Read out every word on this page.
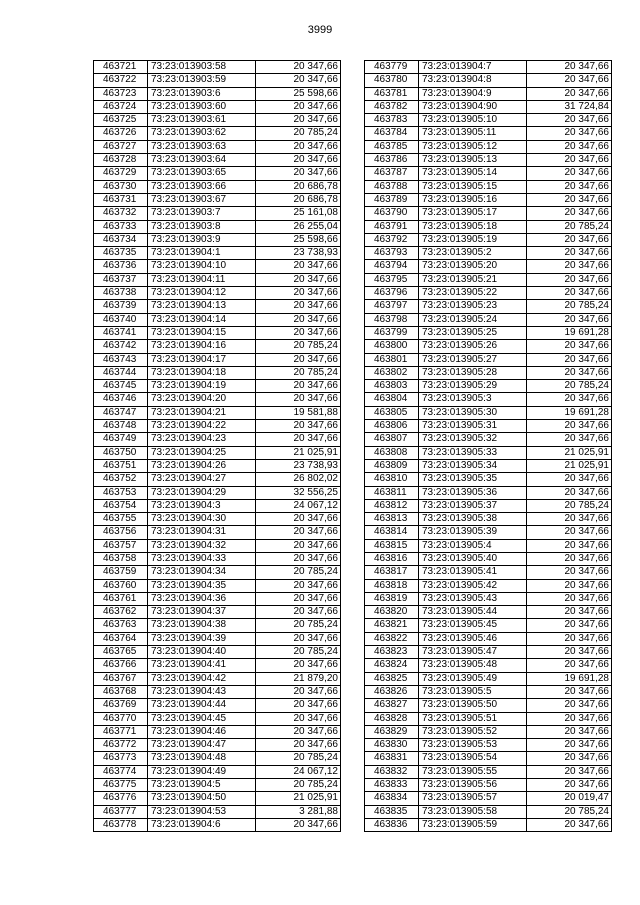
3999
463721	73:23:013903:58	20 347,66
463722	73:23:013903:59	20 347,66
463723	73:23:013903:6	25 598,66
463724	73:23:013903:60	20 347,66
463725	73:23:013903:61	20 347,66
463726	73:23:013903:62	20 785,24
463727	73:23:013903:63	20 347,66
463728	73:23:013903:64	20 347,66
463729	73:23:013903:65	20 347,66
463730	73:23:013903:66	20 686,78
463731	73:23:013903:67	20 686,78
463732	73:23:013903:7	25 161,08
463733	73:23:013903:8	26 255,04
463734	73:23:013903:9	25 598,66
463735	73:23:013904:1	23 738,93
463736	73:23:013904:10	20 347,66
463737	73:23:013904:11	20 347,66
463738	73:23:013904:12	20 347,66
463739	73:23:013904:13	20 347,66
463740	73:23:013904:14	20 347,66
463741	73:23:013904:15	20 347,66
463742	73:23:013904:16	20 785,24
463743	73:23:013904:17	20 347,66
463744	73:23:013904:18	20 785,24
463745	73:23:013904:19	20 347,66
463746	73:23:013904:20	20 347,66
463747	73:23:013904:21	19 581,88
463748	73:23:013904:22	20 347,66
463749	73:23:013904:23	20 347,66
463750	73:23:013904:25	21 025,91
463751	73:23:013904:26	23 738,93
463752	73:23:013904:27	26 802,02
463753	73:23:013904:29	32 556,25
463754	73:23:013904:3	24 067,12
463755	73:23:013904:30	20 347,66
463756	73:23:013904:31	20 347,66
463757	73:23:013904:32	20 347,66
463758	73:23:013904:33	20 347,66
463759	73:23:013904:34	20 785,24
463760	73:23:013904:35	20 347,66
463761	73:23:013904:36	20 347,66
463762	73:23:013904:37	20 347,66
463763	73:23:013904:38	20 785,24
463764	73:23:013904:39	20 347,66
463765	73:23:013904:40	20 785,24
463766	73:23:013904:41	20 347,66
463767	73:23:013904:42	21 879,20
463768	73:23:013904:43	20 347,66
463769	73:23:013904:44	20 347,66
463770	73:23:013904:45	20 347,66
463771	73:23:013904:46	20 347,66
463772	73:23:013904:47	20 347,66
463773	73:23:013904:48	20 785,24
463774	73:23:013904:49	24 067,12
463775	73:23:013904:5	20 785,24
463776	73:23:013904:50	21 025,91
463777	73:23:013904:53	3 281,88
463778	73:23:013904:6	20 347,66
463779	73:23:013904:7	20 347,66
463780	73:23:013904:8	20 347,66
463781	73:23:013904:9	20 347,66
463782	73:23:013904:90	31 724,84
463783	73:23:013905:10	20 347,66
463784	73:23:013905:11	20 347,66
463785	73:23:013905:12	20 347,66
463786	73:23:013905:13	20 347,66
463787	73:23:013905:14	20 347,66
463788	73:23:013905:15	20 347,66
463789	73:23:013905:16	20 347,66
463790	73:23:013905:17	20 347,66
463791	73:23:013905:18	20 785,24
463792	73:23:013905:19	20 347,66
463793	73:23:013905:2	20 347,66
463794	73:23:013905:20	20 347,66
463795	73:23:013905:21	20 347,66
463796	73:23:013905:22	20 347,66
463797	73:23:013905:23	20 785,24
463798	73:23:013905:24	20 347,66
463799	73:23:013905:25	19 691,28
463800	73:23:013905:26	20 347,66
463801	73:23:013905:27	20 347,66
463802	73:23:013905:28	20 347,66
463803	73:23:013905:29	20 785,24
463804	73:23:013905:3	20 347,66
463805	73:23:013905:30	19 691,28
463806	73:23:013905:31	20 347,66
463807	73:23:013905:32	20 347,66
463808	73:23:013905:33	21 025,91
463809	73:23:013905:34	21 025,91
463810	73:23:013905:35	20 347,66
463811	73:23:013905:36	20 347,66
463812	73:23:013905:37	20 785,24
463813	73:23:013905:38	20 347,66
463814	73:23:013905:39	20 347,66
463815	73:23:013905:4	20 347,66
463816	73:23:013905:40	20 347,66
463817	73:23:013905:41	20 347,66
463818	73:23:013905:42	20 347,66
463819	73:23:013905:43	20 347,66
463820	73:23:013905:44	20 347,66
463821	73:23:013905:45	20 347,66
463822	73:23:013905:46	20 347,66
463823	73:23:013905:47	20 347,66
463824	73:23:013905:48	20 347,66
463825	73:23:013905:49	19 691,28
463826	73:23:013905:5	20 347,66
463827	73:23:013905:50	20 347,66
463828	73:23:013905:51	20 347,66
463829	73:23:013905:52	20 347,66
463830	73:23:013905:53	20 347,66
463831	73:23:013905:54	20 347,66
463832	73:23:013905:55	20 347,66
463833	73:23:013905:56	20 347,66
463834	73:23:013905:57	20 019,47
463835	73:23:013905:58	20 785,24
463836	73:23:013905:59	20 347,66
